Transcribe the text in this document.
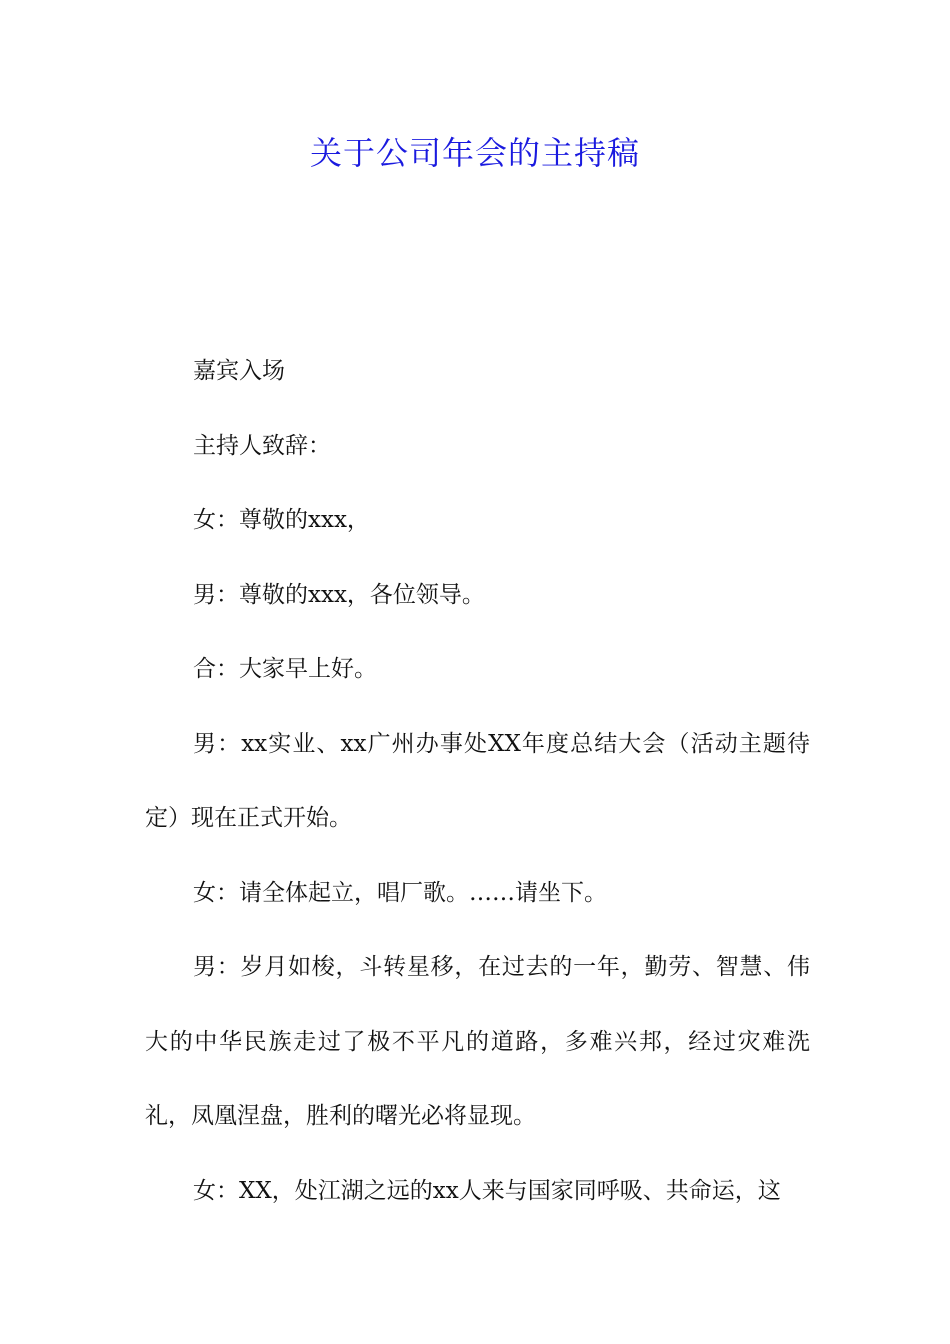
关于公司年会的主持稿

嘉宾入场

主持人致辞：

女：尊敬的xxx，

男：尊敬的xxx，各位领导。

合：大家早上好。

男：xx实业、xx广州办事处XX年度总结大会（活动主题待定）现在正式开始。

女：请全体起立，唱厂歌。……请坐下。

男：岁月如梭，斗转星移，在过去的一年，勤劳、智慧、伟大的中华民族走过了极不平凡的道路，多难兴邦，经过灾难洗礼，凤凰涅盘，胜利的曙光必将显现。

女：XX，处江湖之远的xx人来与国家同呼吸、共命运，这
